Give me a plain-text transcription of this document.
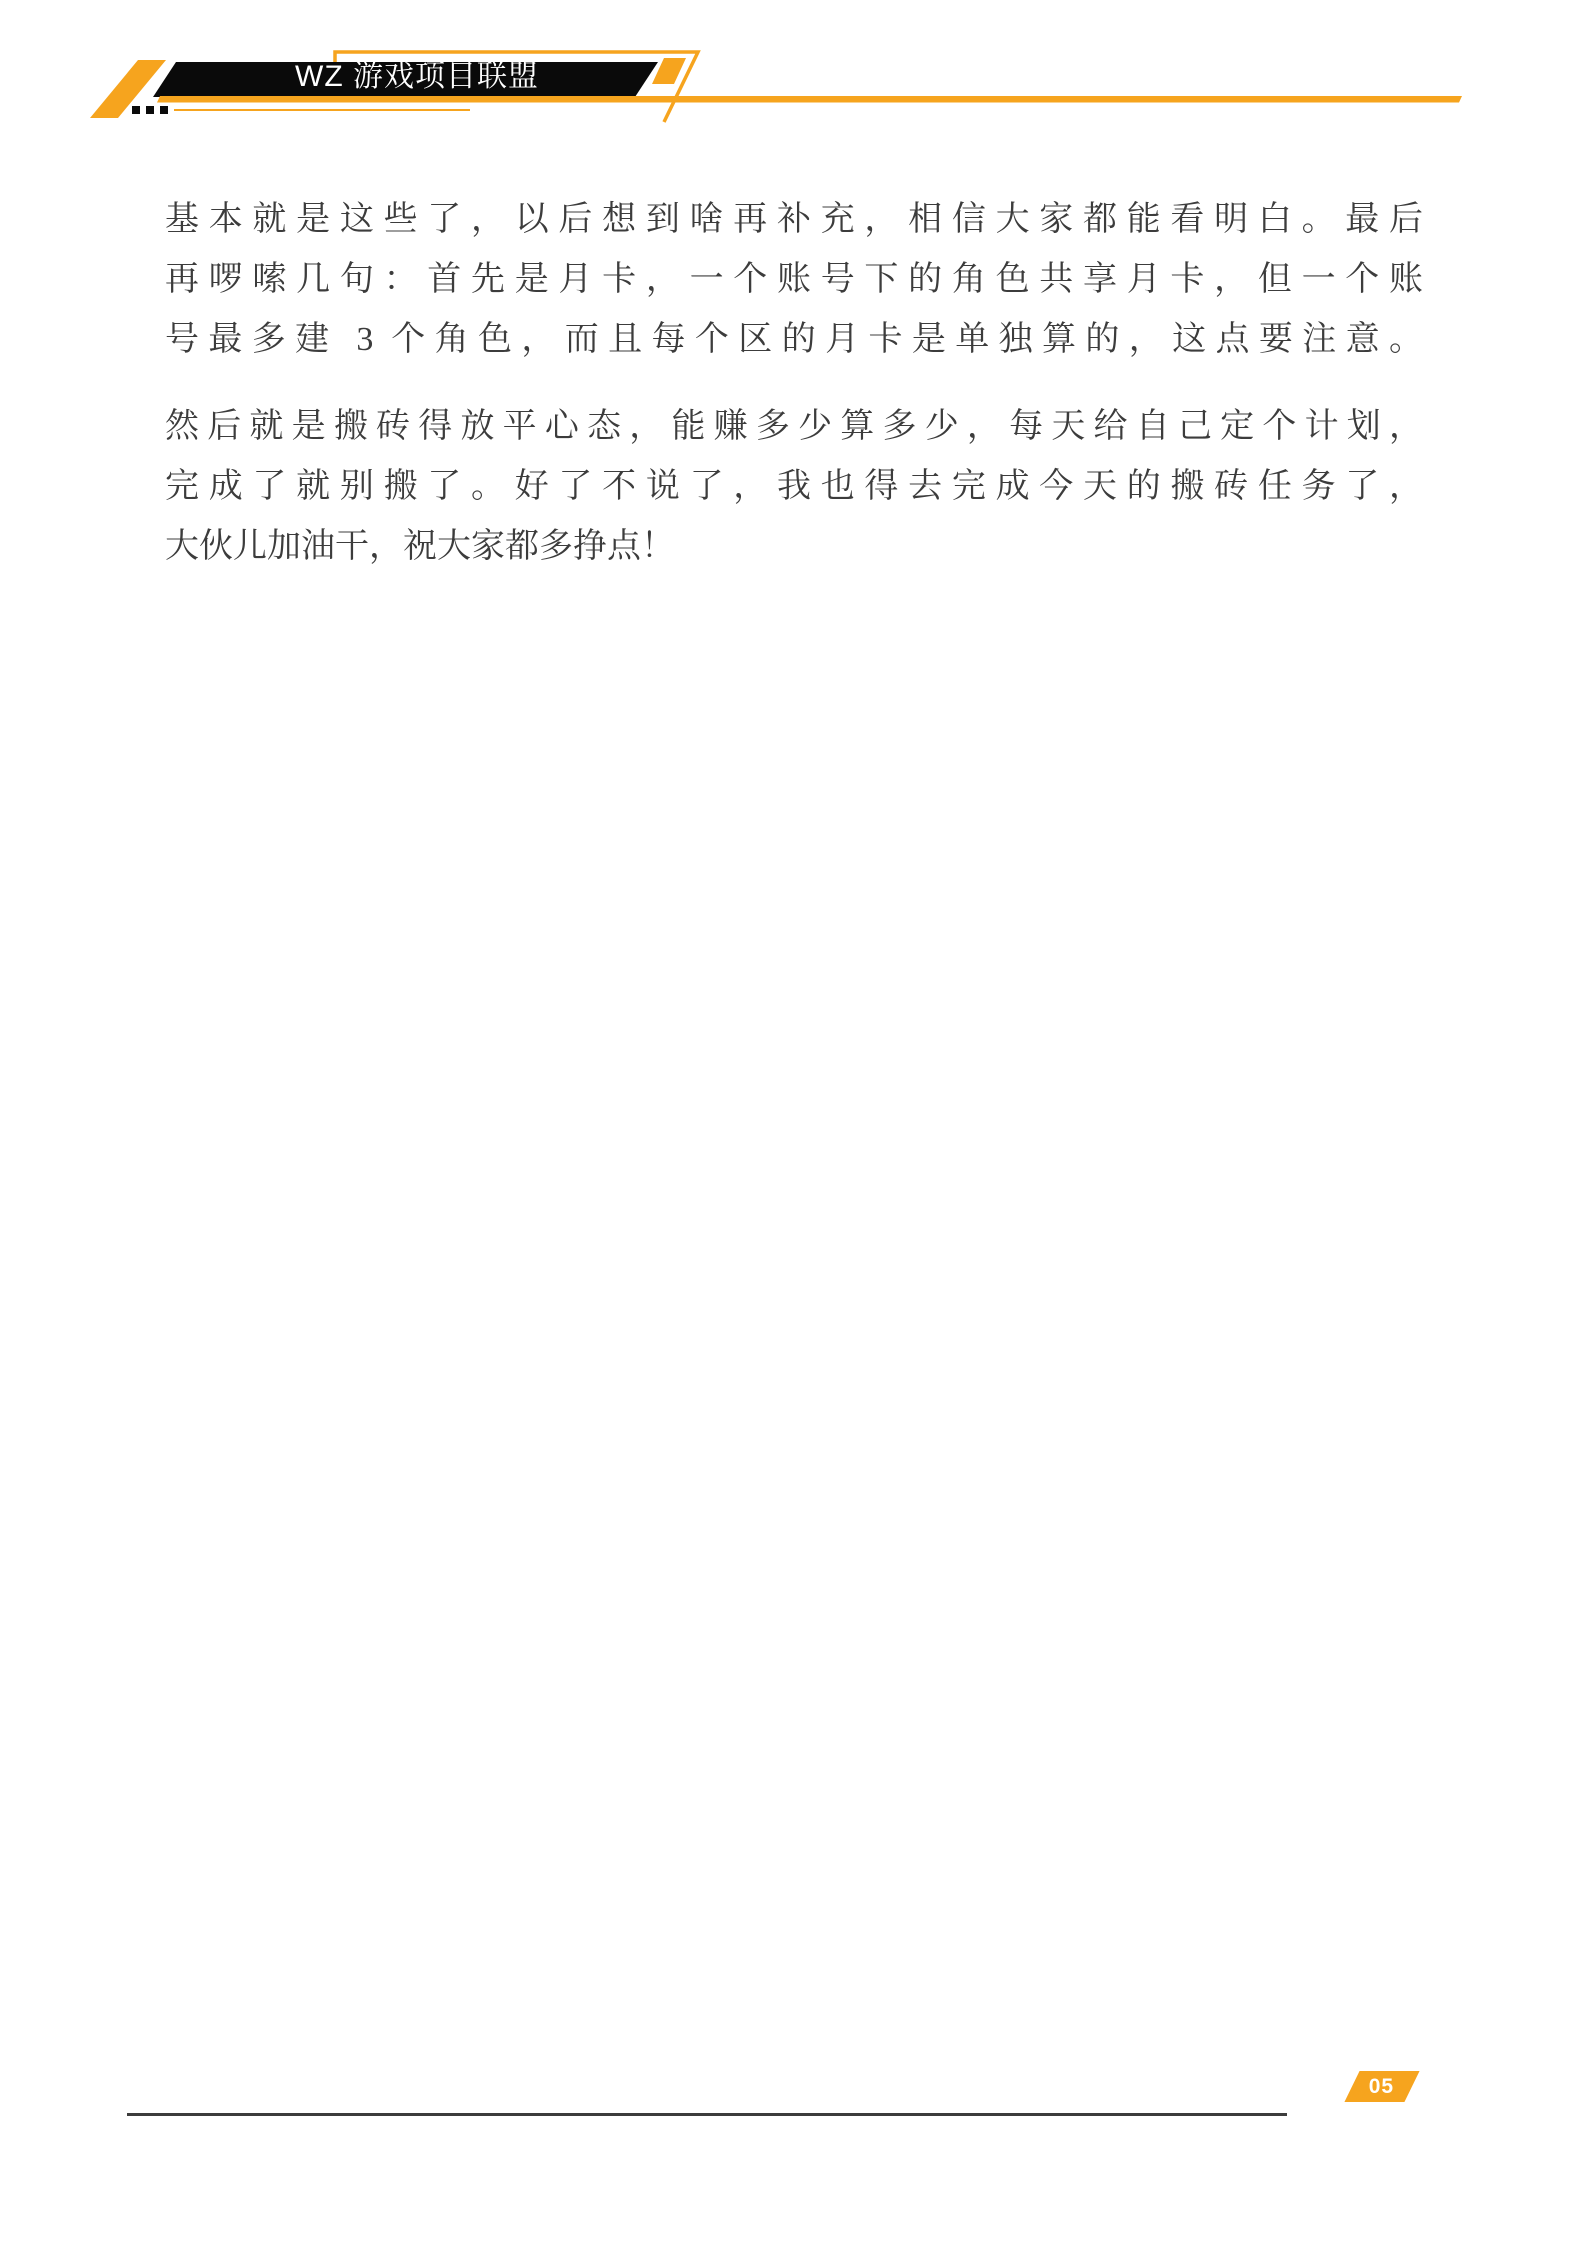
WZ 游戏项目联盟
基本就是这些了，以后想到啥再补充，相信大家都能看明白。最后
再啰嗦几句：首先是月卡，一个账号下的角色共享月卡，但一个账
号最多建 3 个角色，而且每个区的月卡是单独算的，这点要注意。
然后就是搬砖得放平心态，能赚多少算多少，每天给自己定个计划，
完成了就别搬了。好了不说了，我也得去完成今天的搬砖任务了，
大伙儿加油干，祝大家都多挣点！
05
